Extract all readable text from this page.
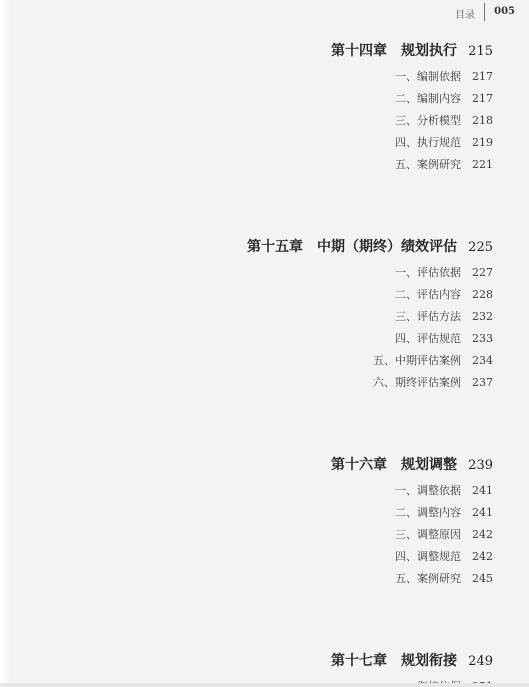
目录 005
第十四章　规划执行 215
一、编制依据 217
二、编制内容 217
三、分析模型 218
四、执行规范 219
五、案例研究 221
第十五章　中期（期终）绩效评估 225
一、评估依据 227
二、评估内容 228
三、评估方法 232
四、评估规范 233
五、中期评估案例 234
六、期终评估案例 237
第十六章　规划调整 239
一、调整依据 241
二、调整内容 241
三、调整原因 242
四、调整规范 242
五、案例研究 245
第十七章　规划衔接 249
